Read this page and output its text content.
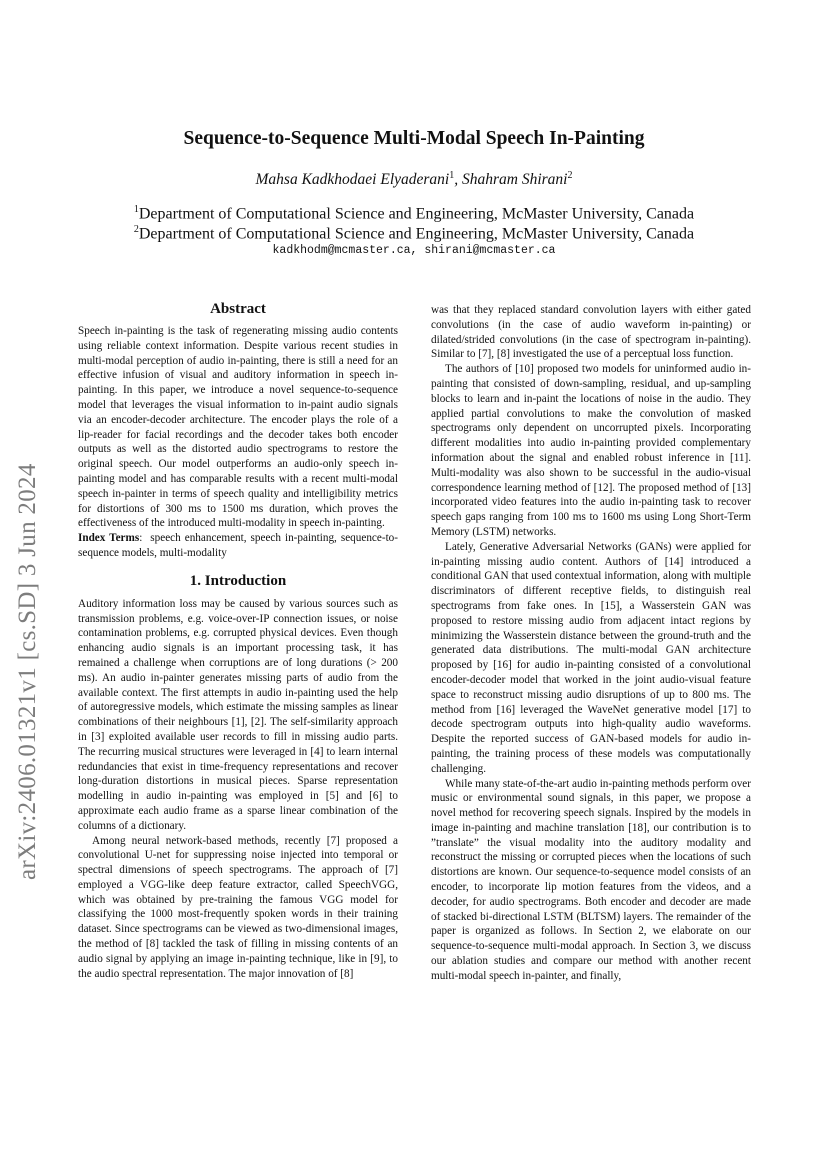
arXiv:2406.01321v1 [cs.SD] 3 Jun 2024
Sequence-to-Sequence Multi-Modal Speech In-Painting
Mahsa Kadkhodaei Elyaderani$^1$, Shahram Shirani$^2$
$^1$Department of Computational Science and Engineering, McMaster University, Canada
$^2$Department of Computational Science and Engineering, McMaster University, Canada
kadkhodm@mcmaster.ca, shirani@mcmaster.ca
Abstract

Speech in-painting is the task of regenerating missing audio contents using reliable context information. Despite various recent studies in multi-modal perception of audio in-painting, there is still a need for an effective infusion of visual and auditory information in speech in-painting. In this paper, we introduce a novel sequence-to-sequence model that leverages the visual information to in-paint audio signals via an encoder-decoder architecture. The encoder plays the role of a lip-reader for facial recordings and the decoder takes both encoder outputs as well as the distorted audio spectrograms to restore the original speech. Our model outperforms an audio-only speech in-painting model and has comparable results with a recent multi-modal speech in-painter in terms of speech quality and intelligibility metrics for distortions of 300 ms to 1500 ms duration, which proves the effectiveness of the introduced multi-modality in speech in-painting.

Index Terms: speech enhancement, speech in-painting, sequence-to-sequence models, multi-modality

1. Introduction

Auditory information loss may be caused by various sources such as transmission problems, e.g. voice-over-IP connection issues, or noise contamination problems, e.g. corrupted physical devices. Even though enhancing audio signals is an important processing task, it has remained a challenge when corruptions are of long durations (> 200 ms). An audio in-painter generates missing parts of audio from the available context. The first attempts in audio in-painting used the help of autoregressive models, which estimate the missing samples as linear combinations of their neighbours [1], [2]. The self-similarity approach in [3] exploited available user records to fill in missing audio parts. The recurring musical structures were leveraged in [4] to learn internal redundancies that exist in time-frequency representations and recover long-duration distortions in musical pieces. Sparse representation modelling in audio in-painting was employed in [5] and [6] to approximate each audio frame as a sparse linear combination of the columns of a dictionary.

Among neural network-based methods, recently [7] proposed a convolutional U-net for suppressing noise injected into temporal or spectral dimensions of speech spectrograms. The approach of [7] employed a VGG-like deep feature extractor, called SpeechVGG, which was obtained by pre-training the famous VGG model for classifying the 1000 most-frequently spoken words in their training dataset. Since spectrograms can be viewed as two-dimensional images, the method of [8] tackled the task of filling in missing contents of an audio signal by applying an image in-painting technique, like in [9], to the audio spectral representation. The major innovation of [8]

was that they replaced standard convolution layers with either gated convolutions (in the case of audio waveform in-painting) or dilated/strided convolutions (in the case of spectrogram in-painting). Similar to [7], [8] investigated the use of a perceptual loss function.

The authors of [10] proposed two models for uninformed audio in-painting that consisted of down-sampling, residual, and up-sampling blocks to learn and in-paint the locations of noise in the audio. They applied partial convolutions to make the convolution of masked spectrograms only dependent on uncorrupted pixels. Incorporating different modalities into audio in-painting provided complementary information about the signal and enabled robust inference in [11]. Multi-modality was also shown to be successful in the audio-visual correspondence learning method of [12]. The proposed method of [13] incorporated video features into the audio in-painting task to recover speech gaps ranging from 100 ms to 1600 ms using Long Short-Term Memory (LSTM) networks.

Lately, Generative Adversarial Networks (GANs) were applied for in-painting missing audio content. Authors of [14] introduced a conditional GAN that used contextual information, along with multiple discriminators of different receptive fields, to distinguish real spectrograms from fake ones. In [15], a Wasserstein GAN was proposed to restore missing audio from adjacent intact regions by minimizing the Wasserstein distance between the ground-truth and the generated data distributions. The multi-modal GAN architecture proposed by [16] for audio in-painting consisted of a convolutional encoder-decoder model that worked in the joint audio-visual feature space to reconstruct missing audio disruptions of up to 800 ms. The method from [16] leveraged the WaveNet generative model [17] to decode spectrogram outputs into high-quality audio waveforms. Despite the reported success of GAN-based models for audio in-painting, the training process of these models was computationally challenging.

While many state-of-the-art audio in-painting methods perform over music or environmental sound signals, in this paper, we propose a novel method for recovering speech signals. Inspired by the models in image in-painting and machine translation [18], our contribution is to ”translate” the visual modality into the auditory modality and reconstruct the missing or corrupted pieces when the locations of such distortions are known. Our sequence-to-sequence model consists of an encoder, to incorporate lip motion features from the videos, and a decoder, for audio spectrograms. Both encoder and decoder are made of stacked bi-directional LSTM (BLTSM) layers. The remainder of the paper is organized as follows. In Section 2, we elaborate on our sequence-to-sequence multi-modal approach. In Section 3, we discuss our ablation studies and compare our method with another recent multi-modal speech in-painter, and finally,
